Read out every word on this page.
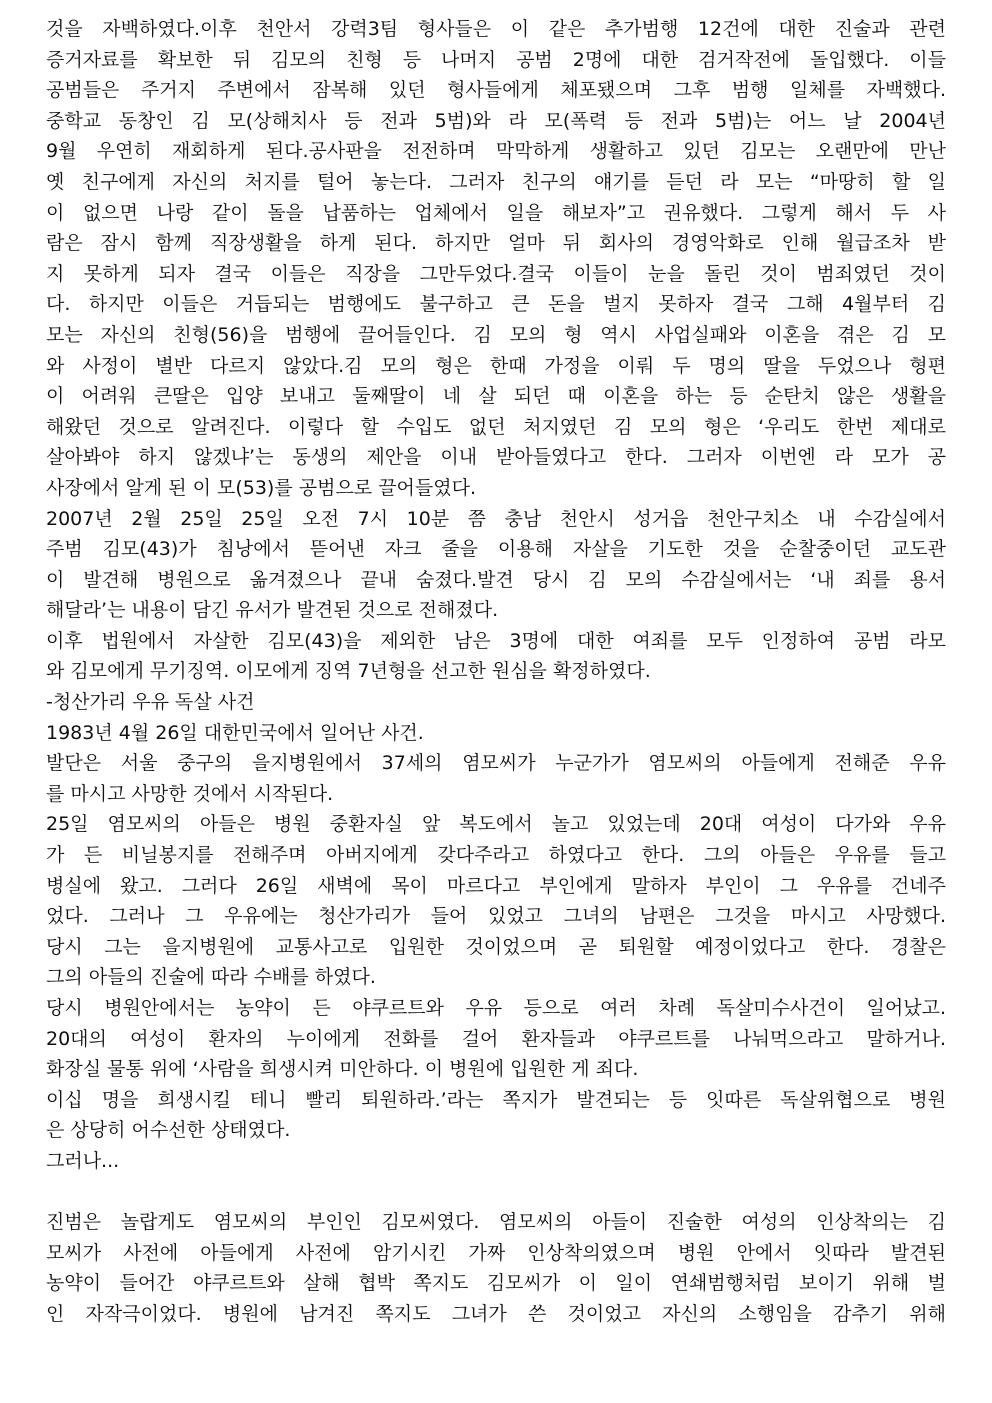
것을 자백하였다.이후 천안서 강력3팀 형사들은 이 같은 추가범행 12건에 대한 진술과 관련
증거자료를 확보한 뒤 김모의 친형 등 나머지 공범 2명에 대한 검거작전에 돌입했다. 이들
공범들은 주거지 주변에서 잠복해 있던 형사들에게 체포됐으며 그후 범행 일체를 자백했다.
중학교 동창인 김 모(상해치사 등 전과 5범)와 라 모(폭력 등 전과 5범)는 어느 날 2004년
9월 우연히 재회하게 된다.공사판을 전전하며 막막하게 생활하고 있던 김모는 오랜만에 만난
옛 친구에게 자신의 처지를 털어 놓는다. 그러자 친구의 얘기를 듣던 라 모는 “마땅히 할 일
이 없으면 나랑 같이 돌을 납품하는 업체에서 일을 해보자”고 권유했다. 그렇게 해서 두 사
람은 잠시 함께 직장생활을 하게 된다. 하지만 얼마 뒤 회사의 경영악화로 인해 월급조차 받
지 못하게 되자 결국 이들은 직장을 그만두었다.결국 이들이 눈을 돌린 것이 범죄였던 것이
다. 하지만 이들은 거듭되는 범행에도 불구하고 큰 돈을 벌지 못하자 결국 그해 4월부터 김
모는 자신의 친형(56)을 범행에 끌어들인다. 김 모의 형 역시 사업실패와 이혼을 겪은 김 모
와 사정이 별반 다르지 않았다.김 모의 형은 한때 가정을 이뤄 두 명의 딸을 두었으나 형편
이 어려워 큰딸은 입양 보내고 둘째딸이 네 살 되던 때 이혼을 하는 등 순탄치 않은 생활을
해왔던 것으로 알려진다. 이렇다 할 수입도 없던 처지였던 김 모의 형은 ‘우리도 한번 제대로
살아봐야 하지 않겠냐’는 동생의 제안을 이내 받아들였다고 한다. 그러자 이번엔 라 모가 공
사장에서 알게 된 이 모(53)를 공범으로 끌어들였다.
2007년 2월 25일 25일 오전 7시 10분 쯤 충남 천안시 성거읍 천안구치소 내 수감실에서
주범 김모(43)가 침낭에서 뜯어낸 자크 줄을 이용해 자살을 기도한 것을 순찰중이던 교도관
이 발견해 병원으로 옮겨졌으나 끝내 숨졌다.발견 당시 김 모의 수감실에서는 ‘내 죄를 용서
해달라’는 내용이 담긴 유서가 발견된 것으로 전해졌다.
이후 법원에서 자살한 김모(43)을 제외한 남은 3명에 대한 여죄를 모두 인정하여 공범 라모
와 김모에게 무기징역. 이모에게 징역 7년형을 선고한 원심을 확정하였다.
-청산가리 우유 독살 사건
1983년 4월 26일 대한민국에서 일어난 사건.
발단은 서울 중구의 을지병원에서 37세의 염모씨가 누군가가 염모씨의 아들에게 전해준 우유
를 마시고 사망한 것에서 시작된다.
25일 염모씨의 아들은 병원 중환자실 앞 복도에서 놀고 있었는데 20대 여성이 다가와 우유
가 든 비닐봉지를 전해주며 아버지에게 갖다주라고 하였다고 한다. 그의 아들은 우유를 들고
병실에 왔고. 그러다 26일 새벽에 목이 마르다고 부인에게 말하자 부인이 그 우유를 건네주
었다. 그러나 그 우유에는 청산가리가 들어 있었고 그녀의 남편은 그것을 마시고 사망했다.
당시 그는 을지병원에 교통사고로 입원한 것이었으며 곧 퇴원할 예정이었다고 한다. 경찰은
그의 아들의 진술에 따라 수배를 하였다.
당시 병원안에서는 농약이 든 야쿠르트와 우유 등으로 여러 차례 독살미수사건이 일어났고.
20대의 여성이 환자의 누이에게 전화를 걸어 환자들과 야쿠르트를 나눠먹으라고 말하거나.
화장실 물통 위에 ‘사람을 희생시켜 미안하다. 이 병원에 입원한 게 죄다.
이십 명을 희생시킬 테니 빨리 퇴원하라.’라는 쪽지가 발견되는 등 잇따른 독살위협으로 병원
은 상당히 어수선한 상태였다.
그러나...
진범은 놀랍게도 염모씨의 부인인 김모씨였다. 염모씨의 아들이 진술한 여성의 인상착의는 김
모씨가 사전에 아들에게 사전에 암기시킨 가짜 인상착의였으며 병원 안에서 잇따라 발견된
농약이 들어간 야쿠르트와 살해 협박 쪽지도 김모씨가 이 일이 연쇄범행처럼 보이기 위해 벌
인 자작극이었다. 병원에 남겨진 쪽지도 그녀가 쓴 것이었고 자신의 소행임을 감추기 위해
